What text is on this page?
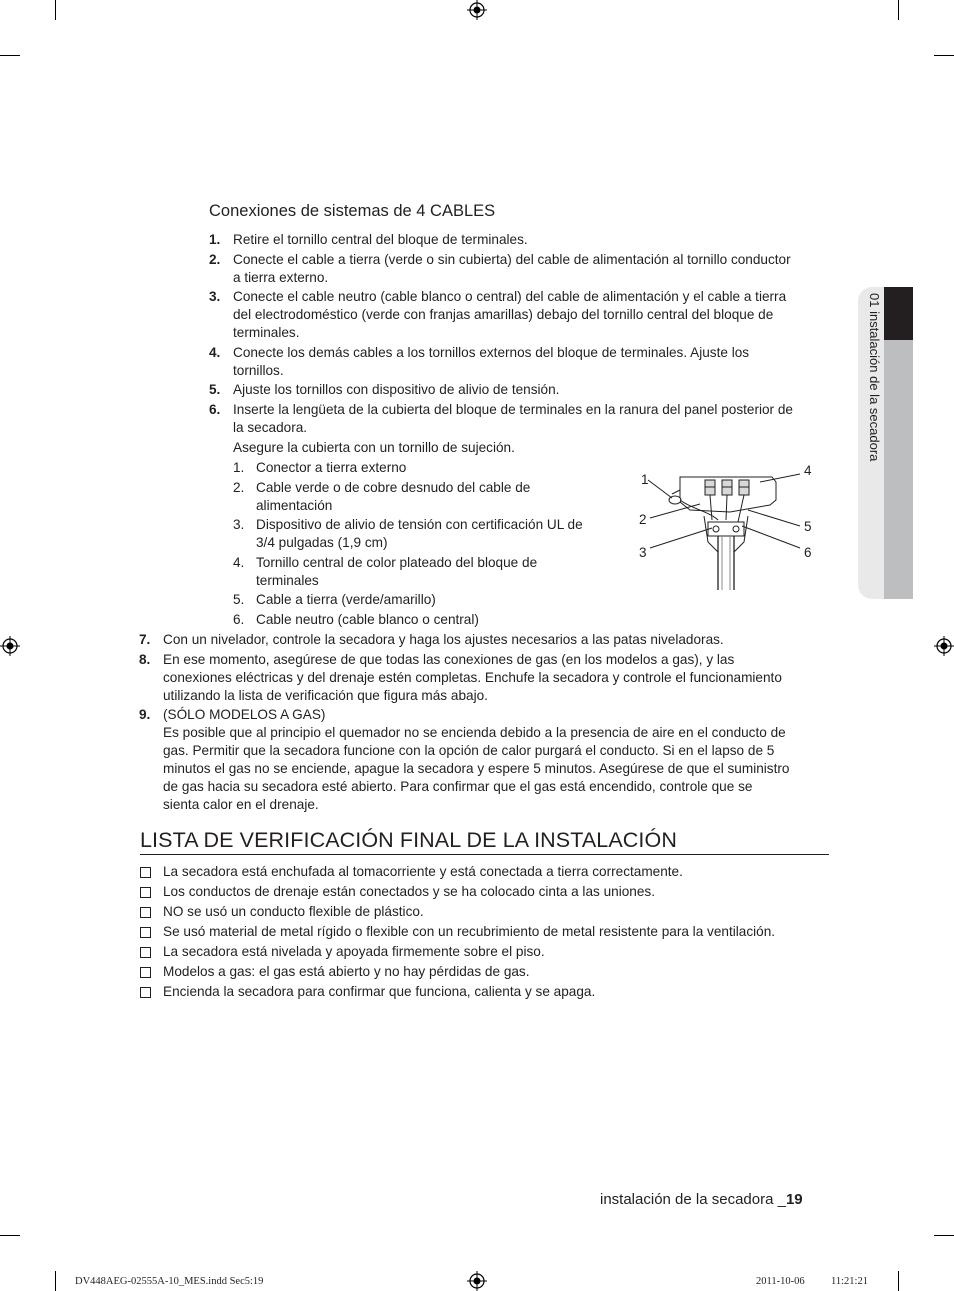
01 instalación de la secadora
Conexiones de sistemas de 4 CABLES
1. Retire el tornillo central del bloque de terminales.
2. Conecte el cable a tierra (verde o sin cubierta) del cable de alimentación al tornillo conductor
a tierra externo.
3. Conecte el cable neutro (cable blanco o central) del cable de alimentación y el cable a tierra
del electrodoméstico (verde con franjas amarillas) debajo del tornillo central del bloque de
terminales.
4. Conecte los demás cables a los tornillos externos del bloque de terminales. Ajuste los
tornillos.
5. Ajuste los tornillos con dispositivo de alivio de tensión.
6. Inserte la lengüeta de la cubierta del bloque de terminales en la ranura del panel posterior de
la secadora.
Asegure la cubierta con un tornillo de sujeción.
7. Con un nivelador, controle la secadora y haga los ajustes necesarios a las patas niveladoras.
8. En ese momento, asegúrese de que todas las conexiones de gas (en los modelos a gas), y las
conexiones eléctricas y del drenaje estén completas. Enchufe la secadora y controle el funcionamiento
utilizando la lista de verificación que figura más abajo.
9. (SÓLO MODELOS A GAS)
Es posible que al principio el quemador no se encienda debido a la presencia de aire en el conducto de
gas. Permitir que la secadora funcione con la opción de calor purgará el conducto. Si en el lapso de 5
minutos el gas no se enciende, apague la secadora y espere 5 minutos. Asegúrese de que el suministro
de gas hacia su secadora esté abierto. Para confirmar que el gas está encendido, controle que se
sienta calor en el drenaje.
1. Conector a tierra externo
2. Cable verde o de cobre desnudo del cable de
alimentación
3. Dispositivo de alivio de tensión con certificación UL de
3/4 pulgadas (1,9 cm)
4. Tornillo central de color plateado del bloque de
terminales
5. Cable a tierra (verde/amarillo)
6. Cable neutro (cable blanco o central)
1
2
3
4
5
6
LISTA DE VERIFICACIÓN FINAL DE LA INSTALACIÓN
La secadora está enchufada al tomacorriente y está conectada a tierra correctamente.
Los conductos de drenaje están conectados y se ha colocado cinta a las uniones.
NO se usó un conducto flexible de plástico.
Se usó material de metal rígido o flexible con un recubrimiento de metal resistente para la ventilación.
La secadora está nivelada y apoyada firmemente sobre el piso.
Modelos a gas: el gas está abierto y no hay pérdidas de gas.
Encienda la secadora para confirmar que funciona, calienta y se apaga.
instalación de la secadora _19
DV448AEG-02555A-10_MES.indd Sec5:19	2011-10-06	11:21:21
